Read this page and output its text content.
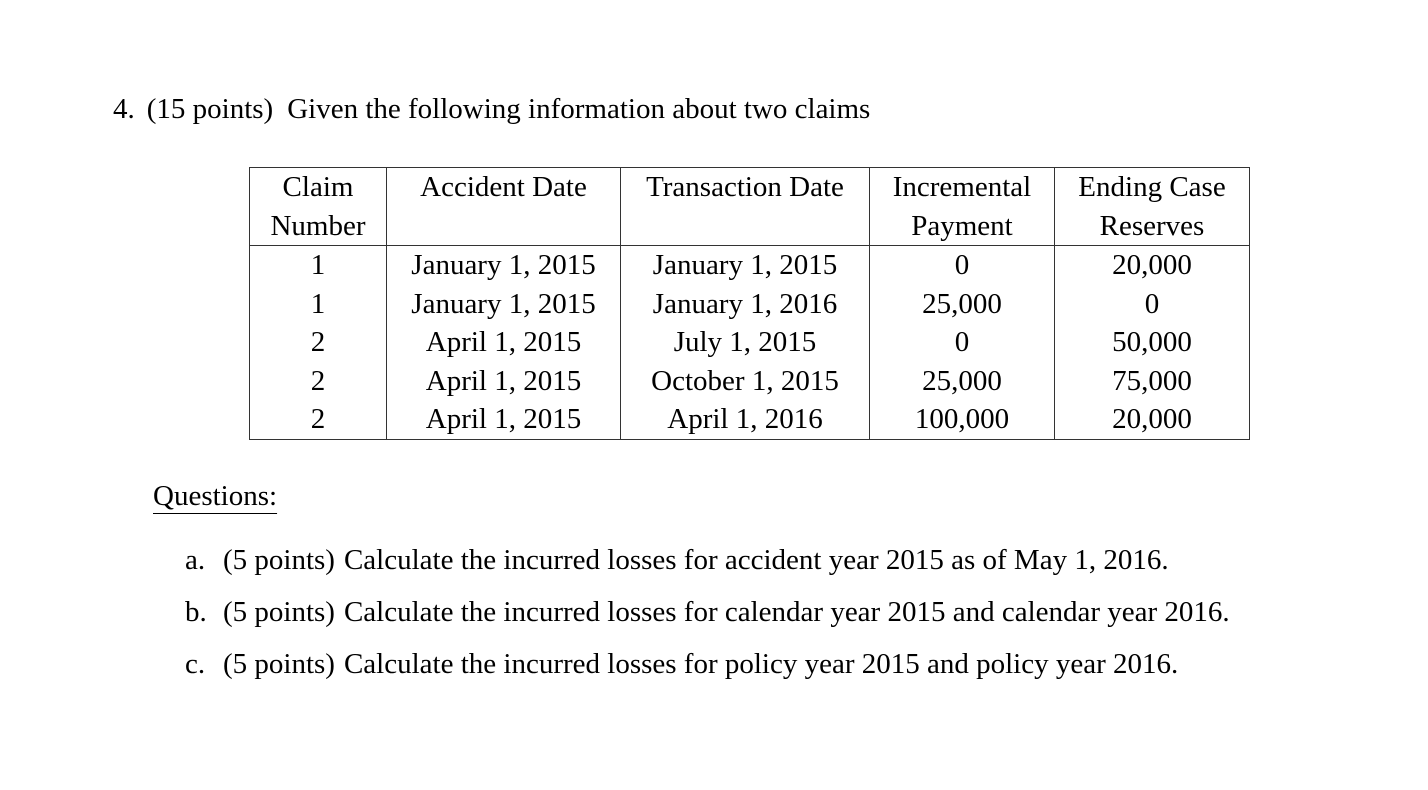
4. (15 points) Given the following information about two claims
Claim	Accident Date	Transaction Date	Incremental	Ending Case
Number			Payment	Reserves
1	January 1, 2015	January 1, 2015	0	20,000
1	January 1, 2015	January 1, 2016	25,000	0
2	April 1, 2015	July 1, 2015	0	50,000
2	April 1, 2015	October 1, 2015	25,000	75,000
2	April 1, 2015	April 1, 2016	100,000	20,000
Questions:
a. (5 points) Calculate the incurred losses for accident year 2015 as of May 1, 2016.
b. (5 points) Calculate the incurred losses for calendar year 2015 and calendar year 2016.
c. (5 points) Calculate the incurred losses for policy year 2015 and policy year 2016.
